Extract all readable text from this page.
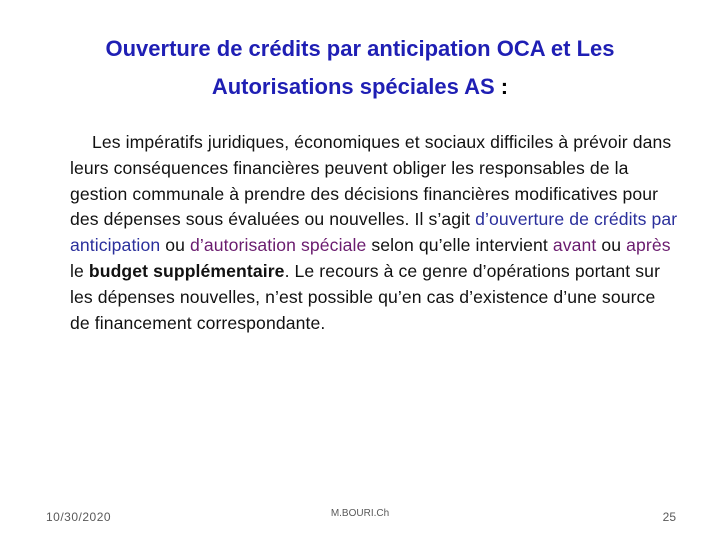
Ouverture de crédits par anticipation OCA et Les
Autorisations spéciales AS :
Les impératifs juridiques, économiques et sociaux difficiles à prévoir dans leurs conséquences financières peuvent obliger les responsables de la gestion communale à prendre des décisions financières modificatives pour des dépenses sous évaluées ou nouvelles. Il s’agit d’ouverture de crédits par anticipation ou d’autorisation spéciale selon qu’elle intervient avant ou après le budget supplémentaire. Le recours à ce genre d’opérations portant sur les dépenses nouvelles, n’est possible qu’en cas d’existence d’une source de financement correspondante.
10/30/2020	M.BOURI.Ch	25
